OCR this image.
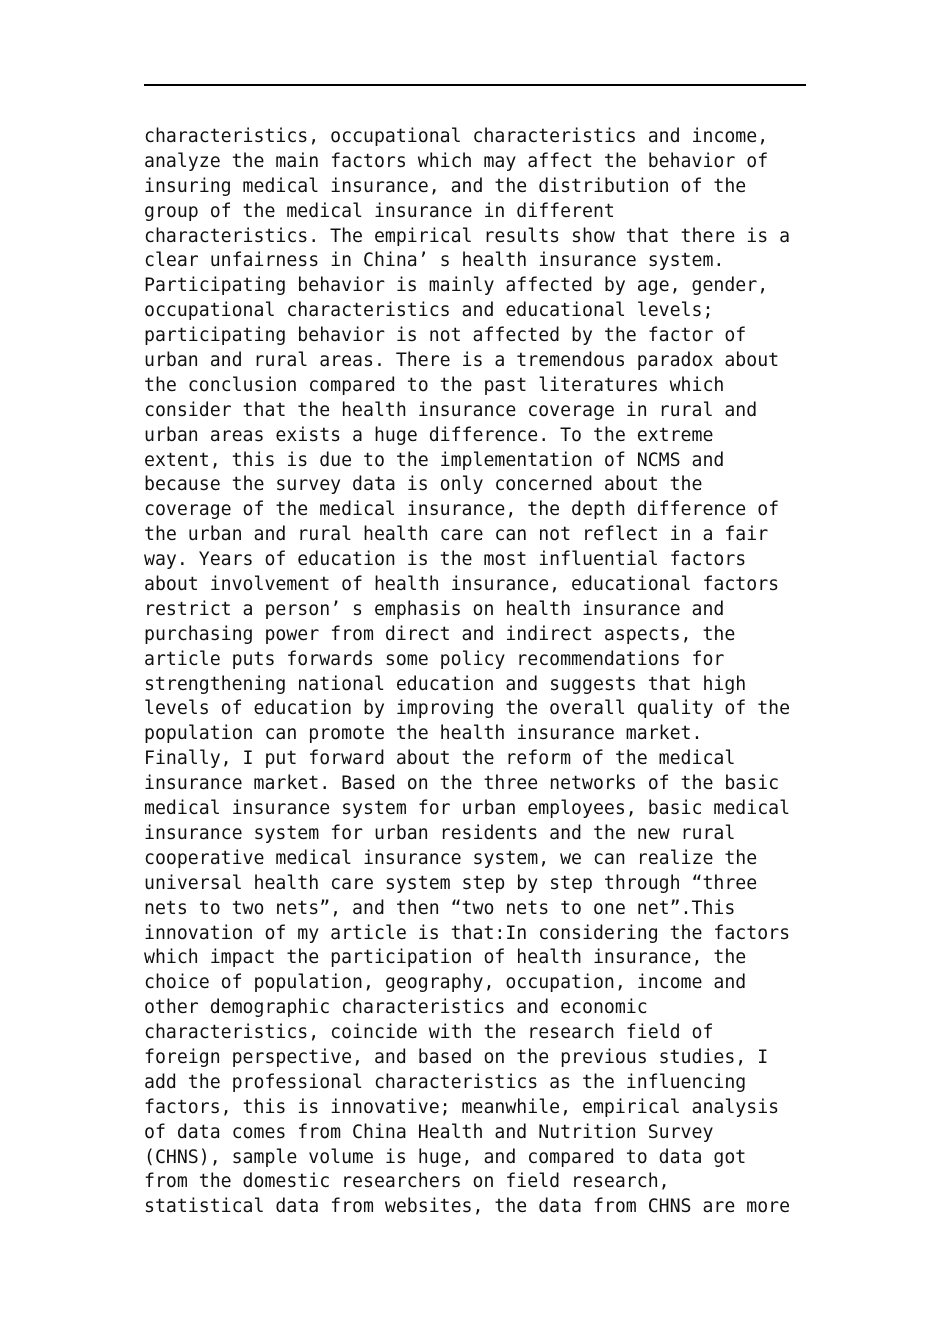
characteristics, occupational characteristics and income,
analyze the main factors which may affect the behavior of
insuring medical insurance, and the distribution of the
group of the medical insurance in different
characteristics. The empirical results show that there is a
clear unfairness in China’ s health insurance system.
Participating behavior is mainly affected by age, gender,
occupational characteristics and educational levels;
participating behavior is not affected by the factor of
urban and rural areas. There is a tremendous paradox about
the conclusion compared to the past literatures which
consider that the health insurance coverage in rural and
urban areas exists a huge difference. To the extreme
extent, this is due to the implementation of NCMS and
because the survey data is only concerned about the
coverage of the medical insurance, the depth difference of
the urban and rural health care can not reflect in a fair
way. Years of education is the most influential factors
about involvement of health insurance, educational factors
restrict a person’ s emphasis on health insurance and
purchasing power from direct and indirect aspects, the
article puts forwards some policy recommendations for
strengthening national education and suggests that high
levels of education by improving the overall quality of the
population can promote the health insurance market.
Finally, I put forward about the reform of the medical
insurance market. Based on the three networks of the basic
medical insurance system for urban employees, basic medical
insurance system for urban residents and the new rural
cooperative medical insurance system, we can realize the
universal health care system step by step through “three
nets to two nets”, and then “two nets to one net”.This
innovation of my article is that:In considering the factors
which impact the participation of health insurance, the
choice of population, geography, occupation, income and
other demographic characteristics and economic
characteristics, coincide with the research field of
foreign perspective, and based on the previous studies, I
add the professional characteristics as the influencing
factors, this is innovative; meanwhile, empirical analysis
of data comes from China Health and Nutrition Survey
(CHNS), sample volume is huge, and compared to data got
from the domestic researchers on field research,
statistical data from websites, the data from CHNS are more
